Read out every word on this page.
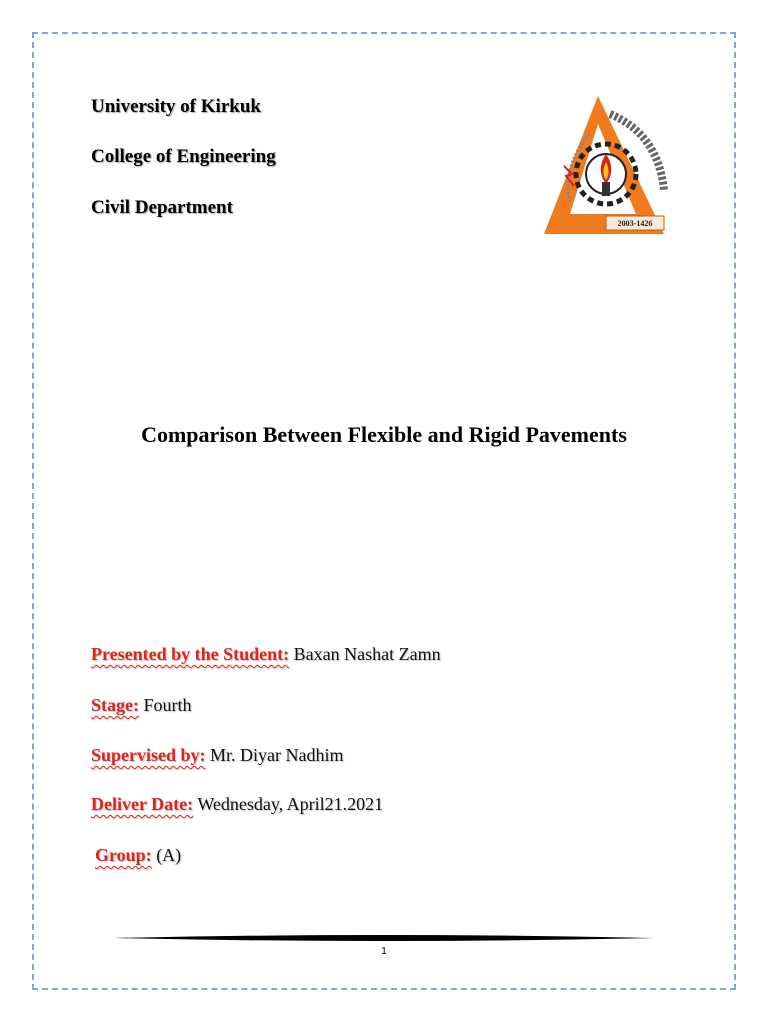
University of Kirkuk
College of Engineering
Civil Department
2003-1426
Comparison Between Flexible and Rigid Pavements
Presented by the Student: Baxan Nashat Zamn
Stage: Fourth
Supervised by: Mr. Diyar Nadhim
Deliver Date: Wednesday, April21.2021
Group: (A)
1
